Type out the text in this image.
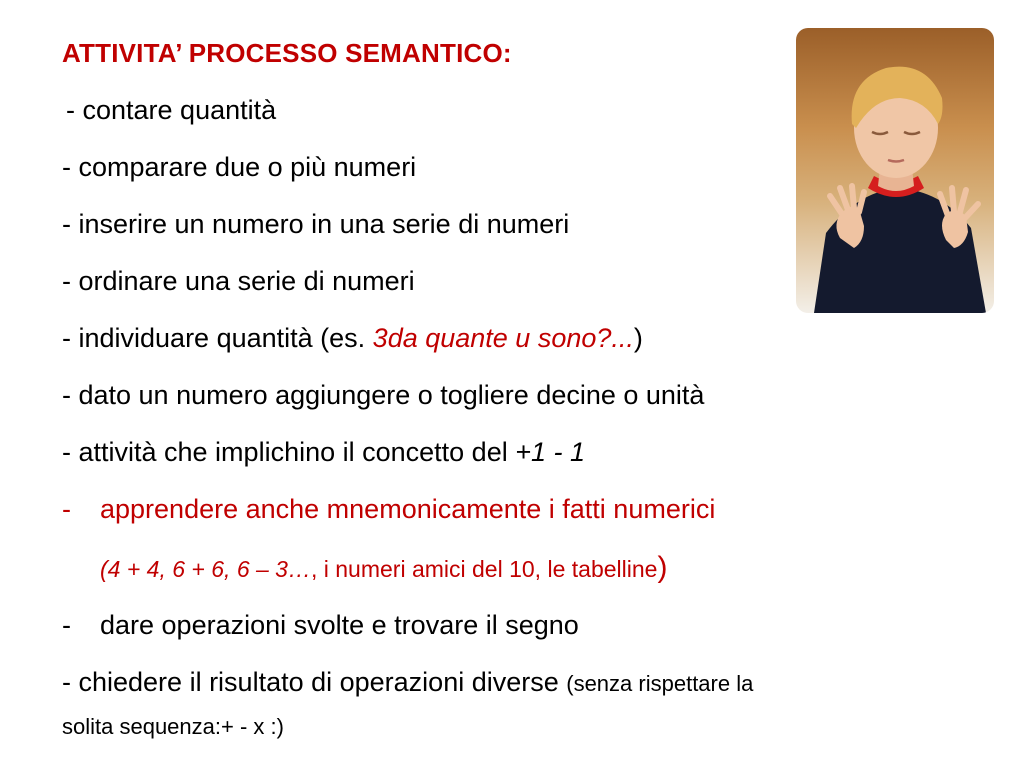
ATTIVITA’ PROCESSO SEMANTICO:
- contare quantità
- comparare due o più numeri
- inserire un numero in una serie di numeri
- ordinare una serie di numeri
- individuare quantità (es. 3da quante u sono?...)
- dato un numero aggiungere o togliere decine o unità
- attività che implichino il concetto del +1 - 1
- apprendere anche mnemonicamente i fatti numerici
(4 + 4, 6 + 6, 6 – 3…, i numeri amici del 10, le tabelline)
- dare operazioni svolte e trovare il segno
- chiedere il risultato di operazioni diverse (senza rispettare la
solita sequenza:+ - x :)
